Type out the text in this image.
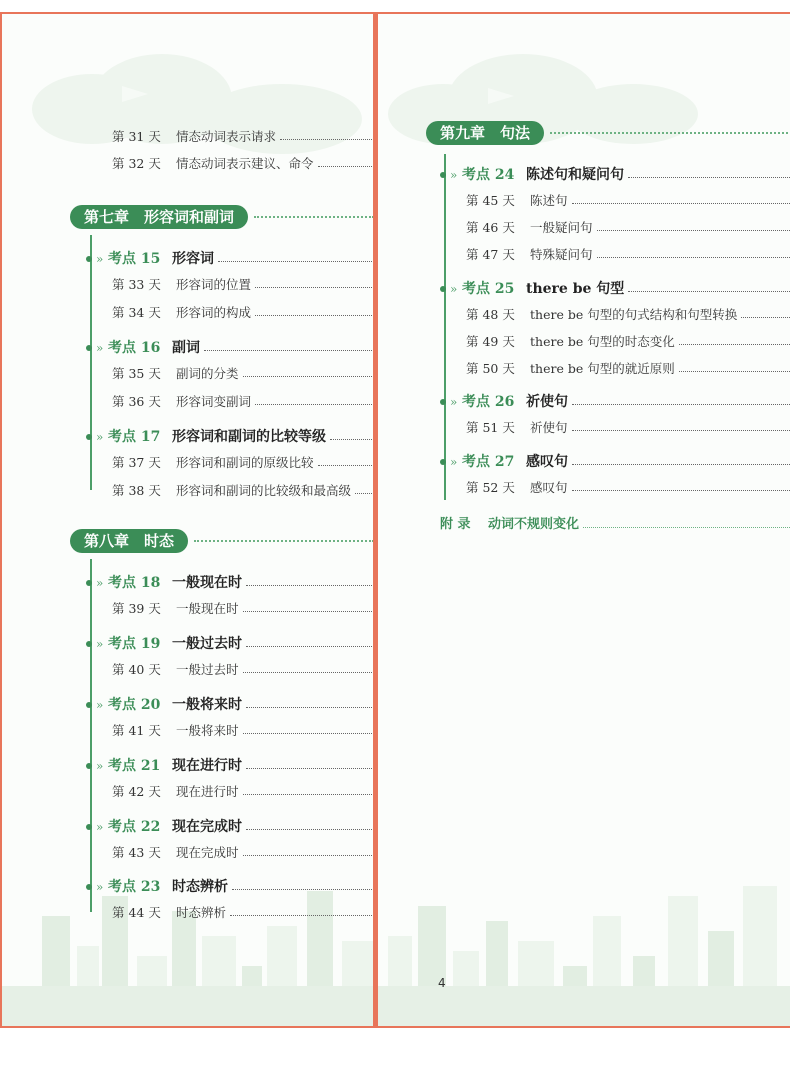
第 31 天 情态动词表示请求
第 32 天 情态动词表示建议、命令
第七章　形容词和副词
» 考点 15 形容词
第 33 天 形容词的位置
第 34 天 形容词的构成
» 考点 16 副词
第 35 天 副词的分类
第 36 天 形容词变副词
» 考点 17 形容词和副词的比较等级
第 37 天 形容词和副词的原级比较
第 38 天 形容词和副词的比较级和最高级
第八章　时态
» 考点 18 一般现在时
第 39 天 一般现在时
» 考点 19 一般过去时
第 40 天 一般过去时
» 考点 20 一般将来时
第 41 天 一般将来时
» 考点 21 现在进行时
第 42 天 现在进行时
» 考点 22 现在完成时
第 43 天 现在完成时
» 考点 23 时态辨析
第 44 天 时态辨析
第九章　句法
» 考点 24 陈述句和疑问句
第 45 天 陈述句
第 46 天 一般疑问句
第 47 天 特殊疑问句
» 考点 25 there be 句型
第 48 天 there be 句型的句式结构和句型转换
第 49 天 there be 句型的时态变化
第 50 天 there be 句型的就近原则
» 考点 26 祈使句
第 51 天 祈使句
» 考点 27 感叹句
第 52 天 感叹句
附 录 动词不规则变化
4
